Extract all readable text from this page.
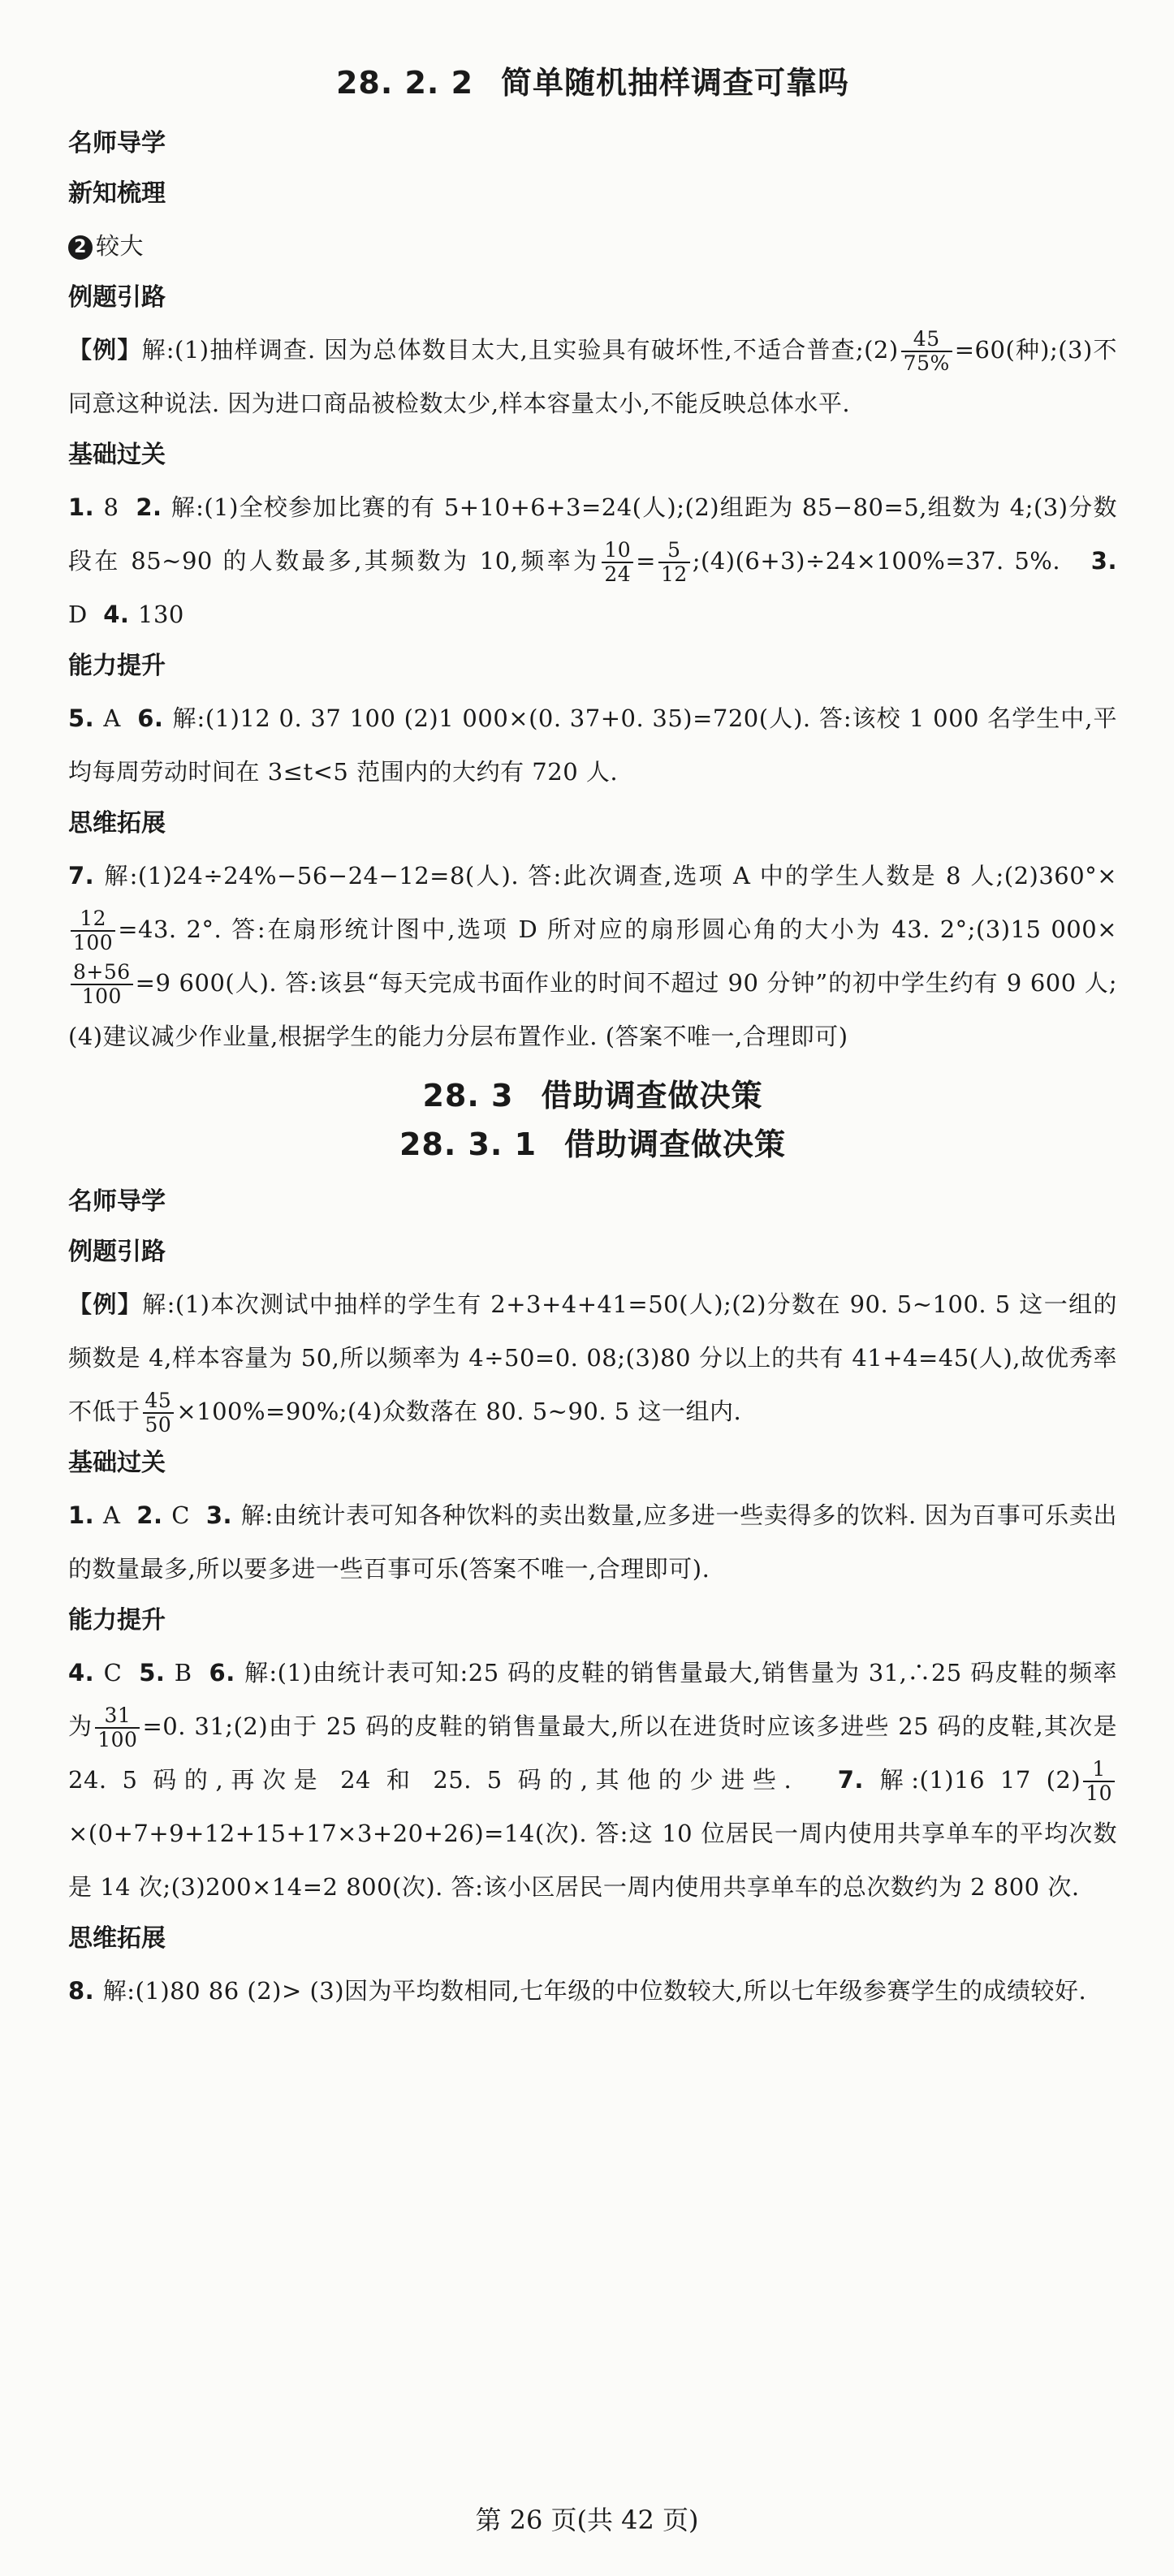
28. 2. 2 简单随机抽样调查可靠吗
名师导学
新知梳理
2 较大
例题引路
【例】解:(1)抽样调查. 因为总体数目太大,且实验具有破坏性,不适合普查;(2) $\frac{45}{75\%} =60$(种);(3)不同意这种说法. 因为进口商品被检数太少,样本容量太小,不能反映总体水平.
基础过关
1. 8 2. 解:(1)全校参加比赛的有 5+10+6+3=24(人);(2)组距为 85−80=5,组数为 4;(3)分数段在 85~90 的人数最多,其频数为 10,频率为 $\frac{10}{24} = \frac{5}{12}$ ;(4)(6+3)÷24×100%=37. 5%. 3. D 4. 130
能力提升
5. A 6. 解:(1)12 0. 37 100 (2)1 000×(0. 37+0. 35)=720(人). 答:该校 1 000 名学生中,平均每周劳动时间在 3≤t<5 范围内的大约有 720 人.
思维拓展
7. 解:(1)24÷24%−56−24−12=8(人). 答:此次调查,选项 A 中的学生人数是 8 人;(2)360°×
$\frac{12}{100} =43$. 2°. 答:在扇形统计图中,选项 D 所对应的扇形圆心角的大小为 43. 2°;(3)15 000×
$\frac{8+56}{100} =9$ 600(人). 答:该县“每天完成书面作业的时间不超过 90 分钟”的初中学生约有 9 600 人;(4)建议减少作业量,根据学生的能力分层布置作业. (答案不唯一,合理即可)
28. 3 借助调查做决策
28. 3. 1 借助调查做决策
名师导学
例题引路
【例】解:(1)本次测试中抽样的学生有 2+3+4+41=50(人);(2)分数在 90. 5~100. 5 这一组的频数是 4,样本容量为 50,所以频率为 4÷50=0. 08;(3)80 分以上的共有 41+4=45(人),故优秀率不低于 $\frac{45}{50}$ ×100%=90%;(4)众数落在 80. 5~90. 5 这一组内.
基础过关
1. A 2. C 3. 解:由统计表可知各种饮料的卖出数量,应多进一些卖得多的饮料. 因为百事可乐卖出的数量最多,所以要多进一些百事可乐(答案不唯一,合理即可).
能力提升
4. C 5. B 6. 解:(1)由统计表可知:25 码的皮鞋的销售量最大,销售量为 31,∴25 码皮鞋的频率为 $\frac{31}{100} =0$. 31;(2)由于 25 码的皮鞋的销售量最大,所以在进货时应该多进些 25 码的皮鞋,其次是 24. 5 码的,再次是 24 和 25. 5 码的,其他的少进些. 7. 解:(1)16 17 $(2) \frac{1}{10}$
×(0+7+9+12+15+17×3+20+26)=14(次). 答:这 10 位居民一周内使用共享单车的平均次数是 14 次;(3)200×14=2 800(次). 答:该小区居民一周内使用共享单车的总次数约为 2 800 次.
思维拓展
8. 解:(1)80 86 (2)> (3)因为平均数相同,七年级的中位数较大,所以七年级参赛学生的成绩较好.
第 26 页(共 42 页)
